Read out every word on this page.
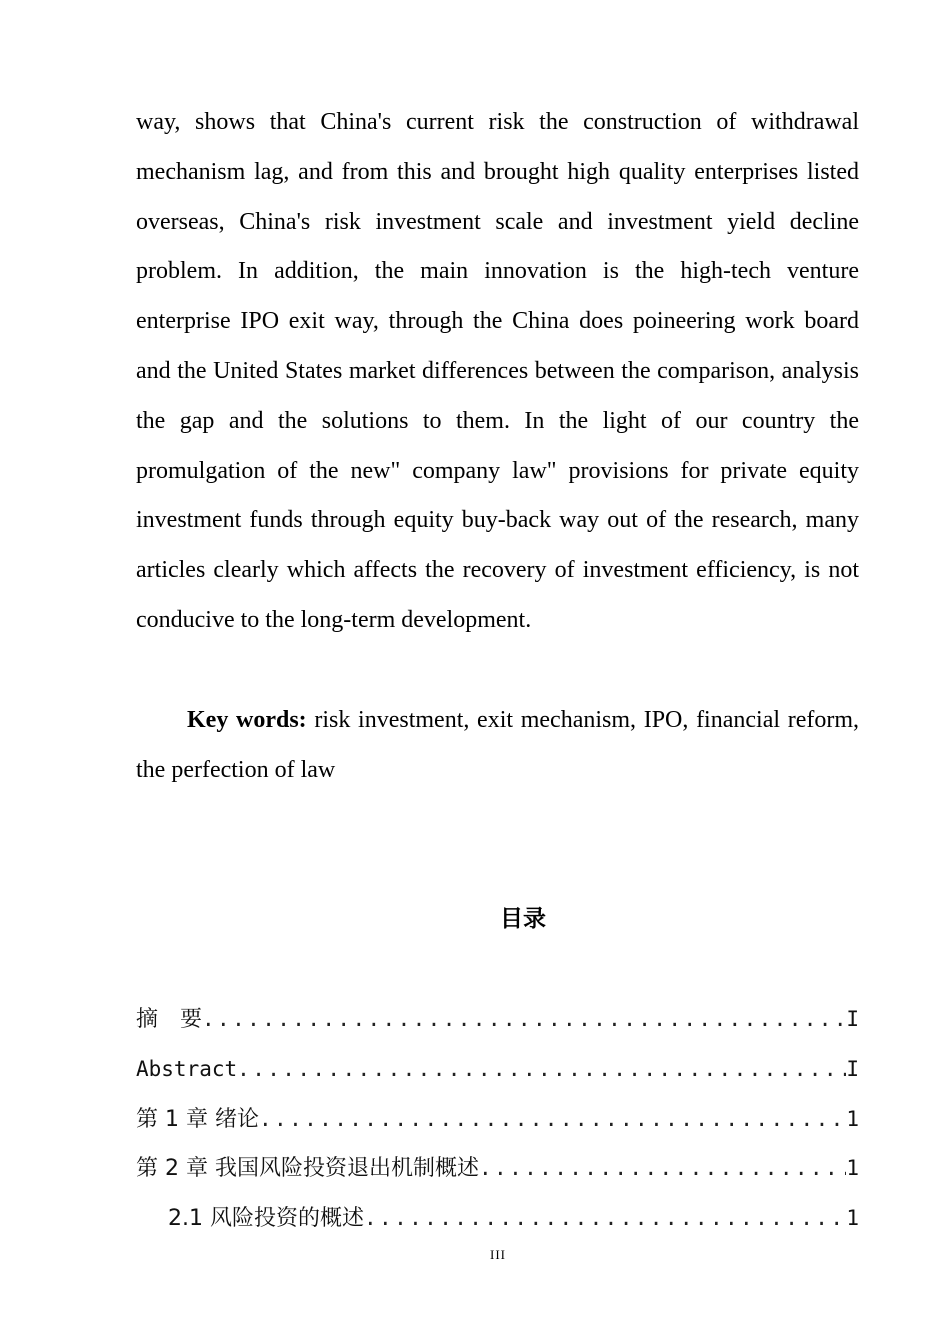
way, shows that China's current risk the construction of withdrawal mechanism lag, and from this and brought high quality enterprises listed overseas, China's risk investment scale and investment yield decline problem. In addition, the main innovation is the high-tech venture enterprise IPO exit way, through the China does poineering work board and the United States market differences between the comparison, analysis the gap and the solutions to them. In the light of our country the promulgation of the new" company law" provisions for private equity investment funds through equity buy-back way out of the research, many articles clearly which affects the recovery of investment efficiency, is not conducive to the long-term development.

Key words: risk investment, exit mechanism, IPO, financial reform, the perfection of law

目录
摘　要 .....	I
Abstract .....	I
第 1 章 绪论 .....	1
第 2 章 我国风险投资退出机制概述 .....	1
2.1 风险投资的概述 .....	1
III
